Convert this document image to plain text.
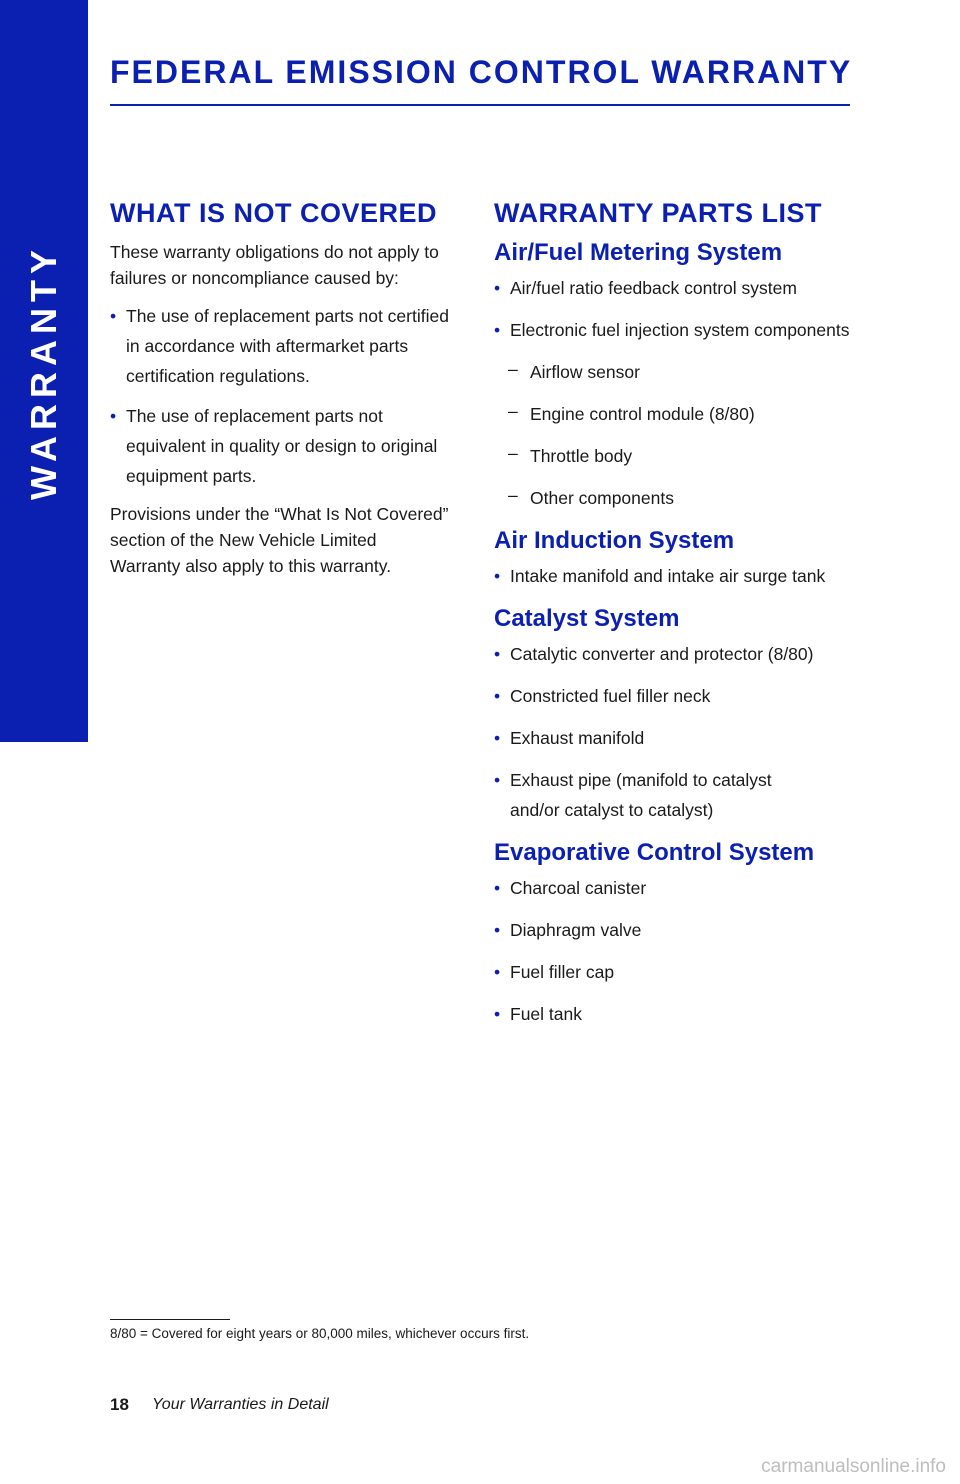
WARRANTY
FEDERAL EMISSION CONTROL WARRANTY
WHAT IS NOT COVERED

These warranty obligations do not apply to failures or noncompliance caused by:

• The use of replacement parts not certified in accordance with aftermarket parts certification regulations.
• The use of replacement parts not equivalent in quality or design to original equipment parts.

Provisions under the “What Is Not Covered” section of the New Vehicle Limited Warranty also apply to this warranty.

WARRANTY PARTS LIST
Air/Fuel Metering System
• Air/fuel ratio feedback control system
• Electronic fuel injection system components
– Airflow sensor
– Engine control module (8/80)
– Throttle body
– Other components
Air Induction System
• Intake manifold and intake air surge tank
Catalyst System
• Catalytic converter and protector (8/80)
• Constricted fuel filler neck
• Exhaust manifold
• Exhaust pipe (manifold to catalyst and/or catalyst to catalyst)
Evaporative Control System
• Charcoal canister
• Diaphragm valve
• Fuel filler cap
• Fuel tank
8/80 = Covered for eight years or 80,000 miles, whichever occurs first.
18 Your Warranties in Detail
carmanualsonline.info
